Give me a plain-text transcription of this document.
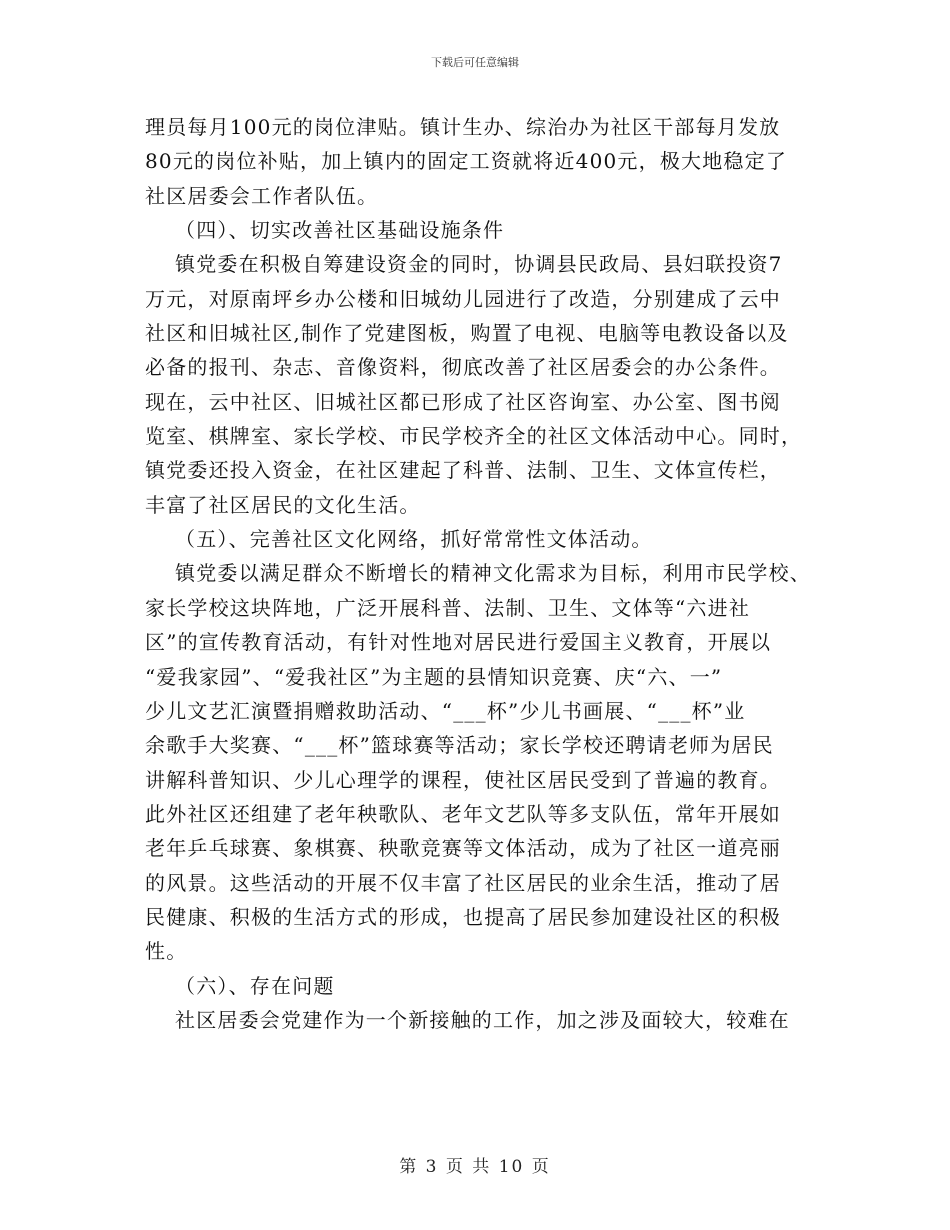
下载后可任意编辑
理员每月100元的岗位津贴。镇计生办、综治办为社区干部每月发放
80元的岗位补贴，加上镇内的固定工资就将近400元，极大地稳定了
社区居委会工作者队伍。
（四）、切实改善社区基础设施条件
镇党委在积极自筹建设资金的同时，协调县民政局、县妇联投资7
万元，对原南坪乡办公楼和旧城幼儿园进行了改造，分别建成了云中
社区和旧城社区,制作了党建图板，购置了电视、电脑等电教设备以及
必备的报刊、杂志、音像资料，彻底改善了社区居委会的办公条件。
现在，云中社区、旧城社区都已形成了社区咨询室、办公室、图书阅
览室、棋牌室、家长学校、市民学校齐全的社区文体活动中心。同时，
镇党委还投入资金，在社区建起了科普、法制、卫生、文体宣传栏，
丰富了社区居民的文化生活。
（五）、完善社区文化网络，抓好常常性文体活动。
镇党委以满足群众不断增长的精神文化需求为目标，利用市民学校、
家长学校这块阵地，广泛开展科普、法制、卫生、文体等“六进社
区”的宣传教育活动，有针对性地对居民进行爱国主义教育，开展以
“爱我家园”、“爱我社区”为主题的县情知识竞赛、庆“六、一”
少儿文艺汇演暨捐赠救助活动、“___杯”少儿书画展、“___杯”业
余歌手大奖赛、“___杯”篮球赛等活动；家长学校还聘请老师为居民
讲解科普知识、少儿心理学的课程，使社区居民受到了普遍的教育。
此外社区还组建了老年秧歌队、老年文艺队等多支队伍，常年开展如
老年乒乓球赛、象棋赛、秧歌竞赛等文体活动，成为了社区一道亮丽
的风景。这些活动的开展不仅丰富了社区居民的业余生活，推动了居
民健康、积极的生活方式的形成，也提高了居民参加建设社区的积极
性。
（六）、存在问题
社区居委会党建作为一个新接触的工作，加之涉及面较大，较难在
第 3 页 共 10 页
